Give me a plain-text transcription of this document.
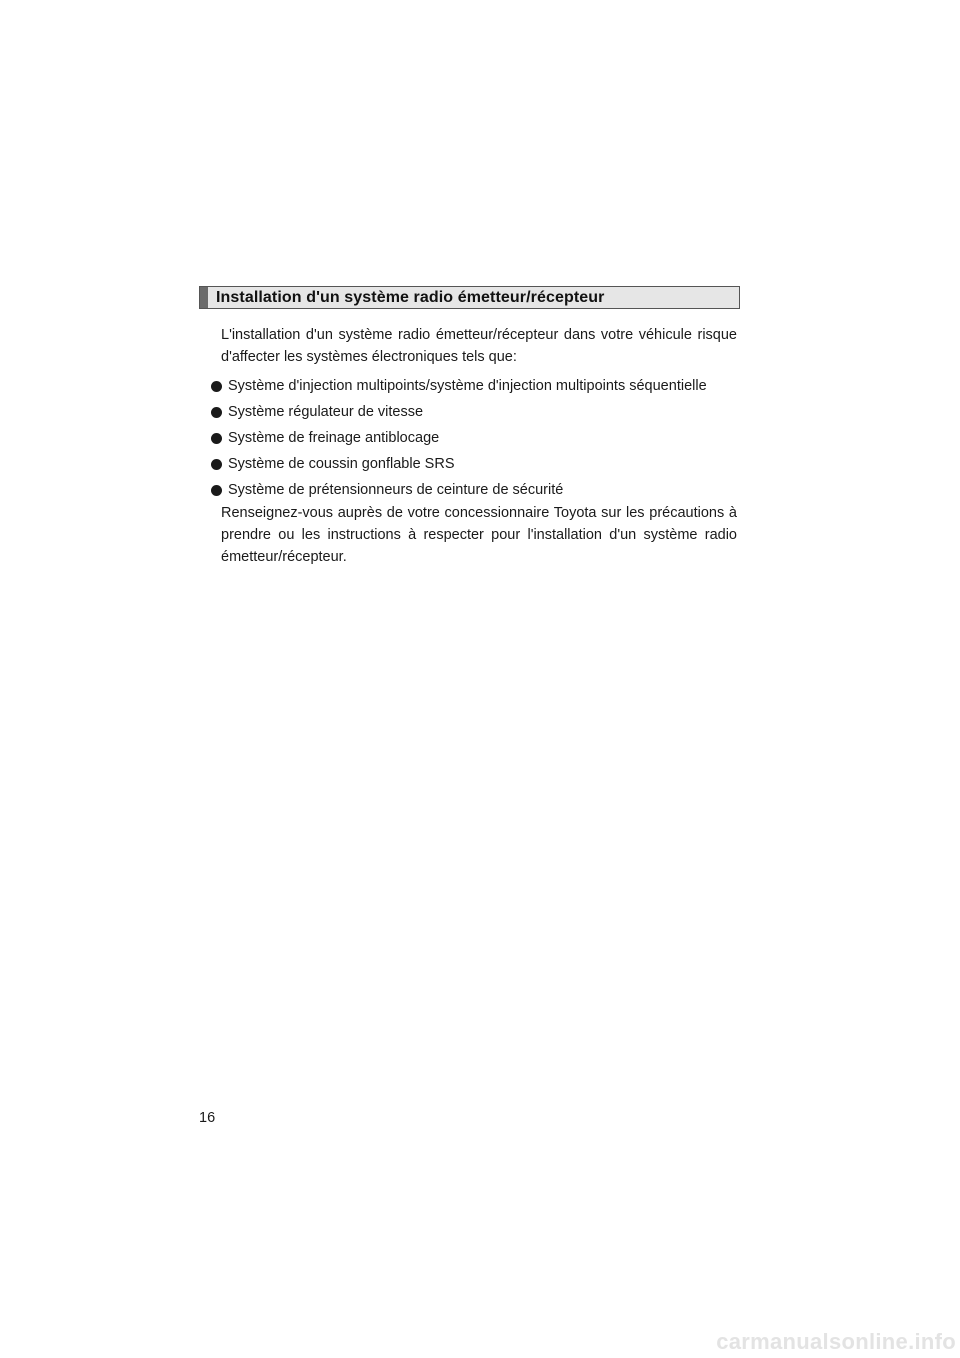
Installation d'un système radio émetteur/récepteur

L'installation d'un système radio émetteur/récepteur dans votre véhicule risque d'affecter les systèmes électroniques tels que:

Système d'injection multipoints/système d'injection multipoints séquentielle
Système régulateur de vitesse
Système de freinage antiblocage
Système de coussin gonflable SRS
Système de prétensionneurs de ceinture de sécurité

Renseignez-vous auprès de votre concessionnaire Toyota sur les précautions à prendre ou les instructions à respecter pour l'installation d'un système radio émetteur/récepteur.

16
carmanualsonline.info
